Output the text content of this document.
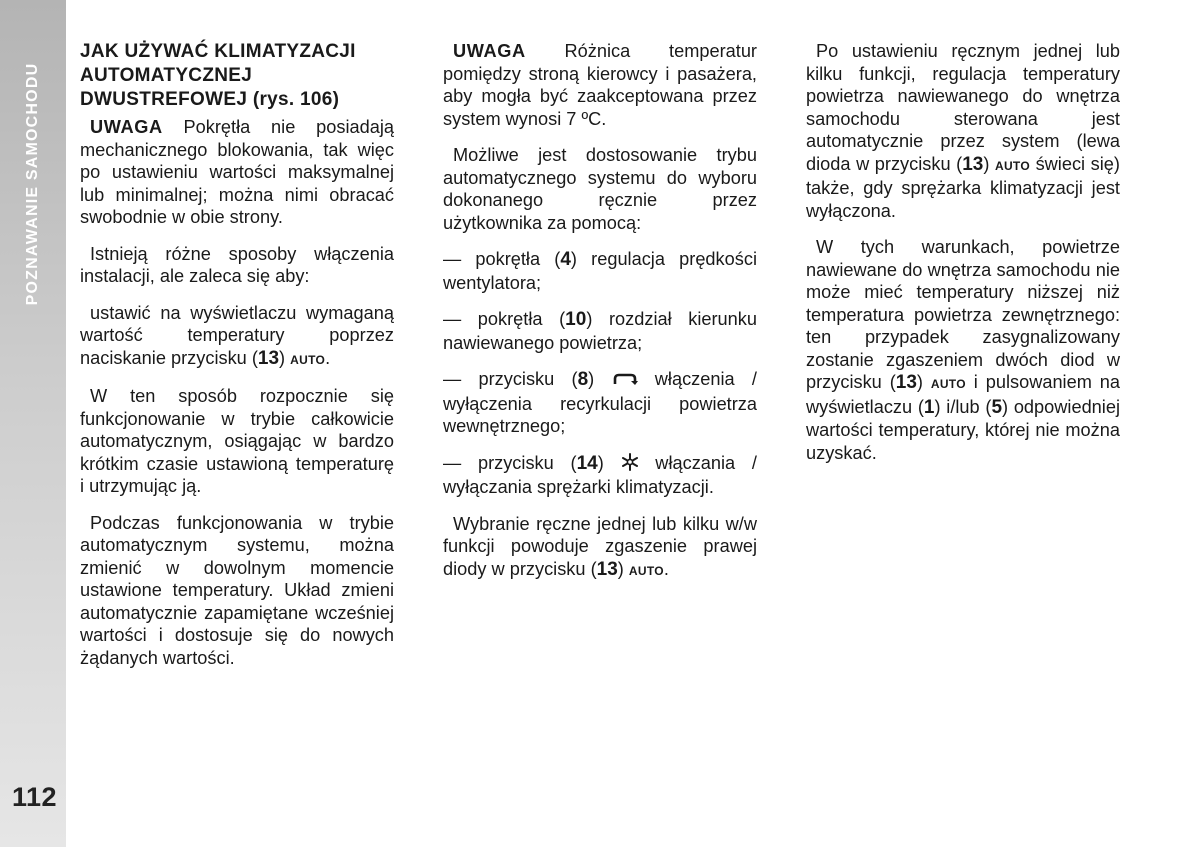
POZNAWANIE SAMOCHODU
112
JAK UŻYWAĆ KLIMATYZACJI AUTOMATYCZNEJ DWUSTREFOWEJ (rys. 106)

UWAGA Pokrętła nie posiadają mechanicznego blokowania, tak więc po ustawieniu wartości maksymalnej lub minimalnej; można nimi obracać swobodnie w obie strony.

Istnieją różne sposoby włączenia instalacji, ale zaleca się aby:

ustawić na wyświetlaczu wymaganą wartość temperatury poprzez naciskanie przycisku (13) AUTO.

W ten sposób rozpocznie się funkcjonowanie w trybie całkowicie automatycznym, osiągając w bardzo krótkim czasie ustawioną temperaturę i utrzymując ją.

Podczas funkcjonowania w trybie automatycznym systemu, można zmienić w dowolnym momencie ustawione temperatury. Układ zmieni automatycznie zapamiętane wcześniej wartości i dostosuje się do nowych żądanych wartości.

UWAGA Różnica temperatur pomiędzy stroną kierowcy i pasażera, aby mogła być zaakceptowana przez system wynosi 7 ºC.

Możliwe jest dostosowanie trybu automatycznego systemu do wyboru dokonanego ręcznie przez użytkownika za pomocą:

— pokrętła (4) regulacja prędkości wentylatora;

— pokrętła (10) rozdział kierunku nawiewanego powietrza;

— przycisku (8)  włączenia / wyłączenia recyrkulacji powietrza wewnętrznego;

— przycisku (14)  włączania / wyłączania sprężarki klimatyzacji.

Wybranie ręczne jednej lub kilku w/w funkcji powoduje zgaszenie prawej diody w przycisku (13) AUTO.

Po ustawieniu ręcznym jednej lub kilku funkcji, regulacja temperatury powietrza nawiewanego do wnętrza samochodu sterowana jest automatycznie przez system (lewa dioda w przycisku (13) AUTO świeci się) także, gdy sprężarka klimatyzacji jest wyłączona.

W tych warunkach, powietrze nawiewane do wnętrza samochodu nie może mieć temperatury niższej niż temperatura powietrza zewnętrznego: ten przypadek zasygnalizowany zostanie zgaszeniem dwóch diod w przycisku (13) AUTO i pulsowaniem na wyświetlaczu (1) i/lub (5) odpowiedniej wartości temperatury, której nie można uzyskać.
